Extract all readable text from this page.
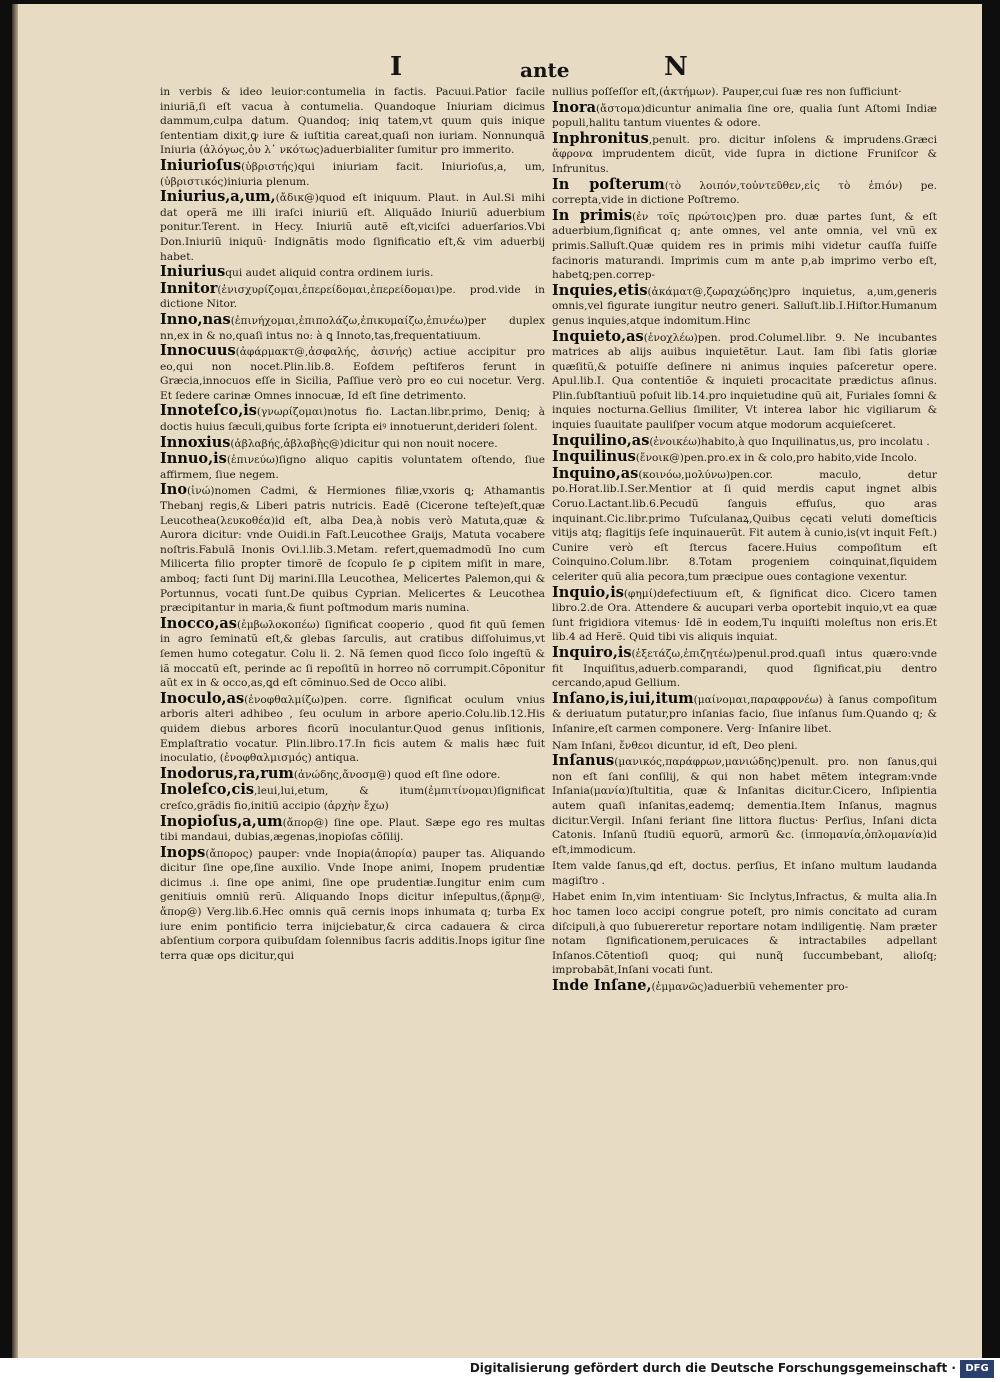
I	ante	N
in verbis & ideo leuior:contumelia in factis. Pacuui.Patior facile iniuriã,ſi eſt vacua à contumelia. Quandoque Iniuriam dicimus dammum,culpa datum. Quandoq; iniq tatem,vt quum quis inique ſententiam dixit,ꝙ iure & iuſtitia careat,quaſi non iuriam. Nonnunquã Iniuria (ἀλόγως,ὀυ λ᾽ νκότως)aduerbialiter ſumitur pro immerito.
Iniurioſus(ὑβριστής)qui iniuriam facit. Iniurioſus,a, um,(ὑβριστικός)iniuria plenum.
Iniurius,a,um,(ἄδικ@)quod eſt iniquum. Plaut. in Aul.Si mihi dat operã me illi iraſci iniuriũ eſt. Aliquãdo Iniuriũ aduerbium ponitur.Terent. in Hecy. Iniuriũ autẽ eſt,viciſci aduerſarios.Vbi Don.Iniuriũ iniquũ· Indignãtis modo ſignificatio eſt,& vim aduerbij habet.
Iniuriusqui audet aliquid contra ordinem iuris.
Innitor(ἐνισχυρίζομαι,ἐπερείδομαι,ἐπερείδομαι)pe. prod.vide in dictione Nitor.
Inno,nas(ἐπινήχομαι,ἐπιπολάζω,ἐπικυμαίζω,ἐπινέω)per duplex nn,ex in & no,quaſi intus no: à ꝗ Innoto,tas,frequentatiuum.
Innocuus(ἀφάρμακτ@,ἀσφαλής, ἀσινής) actiue accipitur pro eo,qui non nocet.Plin.lib.8. Eoſdem peſtiferos ferunt in Græcia,innocuos eſſe in Sicilia, Paſſiue verò pro eo cui nocetur. Verg. Et ſedere carinæ Omnes innocuæ, Id eſt ſine detrimento.
Innoteſco,is(γνωρίζομαι)notus fio. Lactan.libr.primo, Deniq; à doctis huius ſæculi,quibus forte ſcripta eiꝰ innotuerunt,derideri ſolent.
Innoxius(ἀβλαβής,ἀβλαβὴς@)dicitur qui non nouit nocere.
Innuo,is(ἐπινεύω)ſigno aliquo capitis voluntatem oſtendo, ſiue affirmem, ſiue negem.
Ino(ἰνώ)nomen Cadmi, & Hermiones filiæ,vxoris ꝗ; Athamantis Thebanj regis,& Liberi patris nutricis. Eadẽ (Cicerone teſte)eſt,quæ Leucothea(λευκοθέα)id eſt, alba Dea,à nobis verò Matuta,quæ & Aurora dicitur: vnde Ouidi.in Faſt.Leucothee Graijs, Matuta vocabere noſtris.Fabulã Inonis Ovi.l.lib.3.Metam. refert,quemadmodũ Ino cum Milicerta filio propter timorẽ de ſcopulo ſe ꝑ cipitem miſit in mare, amboq; facti ſunt Dij marini.Illa Leucothea, Melicertes Palemon,qui & Portunnus, vocati ſunt.De quibus Cyprian. Melicertes & Leucothea præcipitantur in maria,& fiunt poſtmodum maris numina.
Inocco,as(ἐμβωλοκοπέω) ſignificat cooperio , quod fit quũ ſemen in agro ſeminatũ eſt,& glebas ſarculis, aut cratibus diſſoluimus,vt ſemen humo cotegatur. Colu li. 2. Nã ſemen quod ſicco ſolo ingeſtũ & iã moccatũ eſt, perinde ac ſi repoſitũ in horreo nõ corrumpit.Cõponitur aũt ex in & occo,as,ꝗd eſt cõminuo.Sed de Occo alibi.
Inoculo,as(ἐνοφθαλμίζω)pen. corre. ſignificat oculum vnius arboris alteri adhibeo , ſeu oculum in arbore aperio.Colu.lib.12.His quidem diebus arbores ficorũ inoculantur.Quod genus inſitionis, Emplaſtratio vocatur. Plin.libro.17.In ficis autem & malis hæc fuit inoculatio, (ἐνοφθαλμισμός) antiqua.
Inodorus,ra,rum(ἀνώδης,ἄνοσμ@) quod eſt ſine odore.
Inoleſco,cis,leui,lui,etum, & itum(ἐμπιτίνομαι)ſignificat creſco,grãdis fio,initiũ accipio (ἀρχὴν ἔχω)
Inopioſus,a,um(ἄπορ@) ſine ope. Plaut. Sæpe ego res multas tibi mandaui, dubias,ægenas,inopioſas cõſilij.
Inops(ἄπορος) pauper: vnde Inopia(ἀπορία) pauper tas. Aliquando dicitur ſine ope,ſine auxilio. Vnde Inope animi, Inopem prudentiæ dicimus .i. ſine ope animi, ſine ope prudentiæ.Iungitur enim cum genitiuis omniũ rerũ. Aliquando Inops dicitur inſepultus,(ἄρημ@, ἄπορ@) Verg.lib.6.Hec omnis quã cernis inops inhumata q; turba Ex iure enim pontificio terra inijciebatur,& circa cadauera & circa abſentium corpora quibuſdam ſolennibus ſacris additis.Inops igitur ſine terra quæ ops dicitur,qui
nullius poſſeſſor eſt,(ἀκτήμων). Pauper,cui ſuæ res non ſufficiunt·
Inora(ἄστομα)dicuntur animalia ſine ore, qualia ſunt Aſtomi Indiæ populi,halitu tantum viuentes & odore.
Inphronitus,penult. pro. dicitur inſolens & imprudens.Græci ἄφρονα imprudentem dicũt, vide ſupra in dictione Fruniſcor & Infrunitus.
In poſterum(τὸ λοιπόν,τοὐντεῦθεν,εἰς τὸ ἐπιόν) pe. correpta,vide in dictione Poſtremo.
In primis(ἐν τοῖς πρώτοις)pen pro. duæ partes ſunt, & eſt aduerbium,ſignificat q; ante omnes, vel ante omnia, vel vnũ ex primis.Salluſt.Quæ quidem res in primis mihi videtur cauſſa fuiſſe facinoris maturandi. Imprimis cum m ante p,ab imprimo verbo eſt, habetꝗ;pen.correp-
Inquies,etis(ἀκάματ@,ζωραχώδης)pro inquietus, a,um,generis omnis,vel figurate iungitur neutro generi. Salluſt.lib.I.Hiſtor.Humanum genus inquies,atque indomitum.Hinc
Inquieto,as(ἐνοχλέω)pen. prod.Columel.libr. 9. Ne incubantes matrices ab alijs auibus inquietẽtur. Laut. Iam ſibi ſatis gloriæ quæſitũ,& potuiſſe deſinere ni animus inquies paſceretur opere. Apul.lib.I. Qua contentiõe & inquieti procacitate prædictus aſinus. Plin.ſubſtantiuũ poſuit lib.14.pro inquietudine quũ ait, Furiales ſomni & inquies nocturna.Gellius ſimiliter, Vt interea labor hic vigiliarum & inquies ſuauitate pauliſper vocum atque modorum acquieſceret.
Inquilino,as(ἐνοικέω)habito,à quo Inquilinatus,us, pro incolatu .
Inquilinus(ἔνοικ@)pen.pro.ex in & colo,pro habito,vide Incolo.
Inquino,as(κοινόω,μολύνω)pen.cor. maculo, detur po.Horat.lib.I.Ser.Mentior at ſi quid merdis caput ingnet albis Coruo.Lactant.lib.6.Pecudũ ſanguis effuſus, quo aras inquinant.Cic.libr.primo Tuſculanaꝝ,Quibus cęcati veluti domeſticis vitijs atq; flagitijs ſeſe inquinauerũt. Fit autem à cunio,is(vt inquit Feſt.) Cunire verò eſt ſtercus facere.Huius compoſitum eſt Coinquino.Colum.libr. 8.Totam progeniem coinquinat,ſiquidem celeriter quũ alia pecora,tum præcipue oues contagione vexentur.
Inquio,is(φημί)defectiuum eſt, & ſignificat dico. Cicero tamen libro.2.de Ora. Attendere & aucupari verba oportebit inquio,vt ea quæ ſunt frigidiora vitemus· Idẽ in eodem,Tu inquiſti moleſtus non eris.Et lib.4 ad Herẽ. Quid tibi vis aliquis inquiat.
Inquiro,is(ἐξετάζω,ἐπιζητέω)penul.prod.quaſi intus quæro:vnde fit Inquiſitus,aduerb.comparandi, quod ſignificat,piu dentro cercando,apud Gellium.
Inſano,is,iui,itum(μαίνομαι,παραφρονέω) à ſanus compoſitum & deriuatum putatur,pro inſanias facio, ſiue inſanus ſum.Quando q; & Inſanire,eſt carmen componere. Verg· Inſanire libet.
Nam Inſani, ἔνθεοι dicuntur, id eſt, Deo pleni.
Inſanus(μανικός,παράφρων,μανιώδης)penult. pro. non ſanus,qui non eſt ſani conſilij, & qui non habet mẽtem integram:vnde Inſania(μανία)ſtultitia, quæ & Inſanitas dicitur.Cicero, Inſipientia autem quaſi inſanitas,eademq; dementia.Item Inſanus, magnus dicitur.Vergil. Inſani feriant ſine littora fluctus· Perſius, Inſani dicta Catonis. Inſanũ ſtudiũ equorũ, armorũ &c. (ἱππομανία,ὁπλομανία)id eſt,immodicum.
Item valde ſanus,ꝗd eſt, doctus. perſius, Et inſano multum laudanda magiſtro .
Habet enim In,vim intentiuam· Sic Inclytus,Infractus, & multa alia.In hoc tamen loco accipi congrue poteſt, pro nimis concitato ad curam diſcipuli,à quo ſubuereretur reportare notam indiligentię. Nam præter notam ſignificationem,peruicaces & intractabiles adpellant Inſanos.Cõtentioſi quoq; qui nunq̃ ſuccumbebant, alioſq; improbabãt,Inſani vocati ſunt.
Inde Inſane,(ἐμμανῶς)aduerbiũ vehementer pro-
Digitalisierung gefördert durch die Deutsche Forschungsgemeinschaft · DFG
